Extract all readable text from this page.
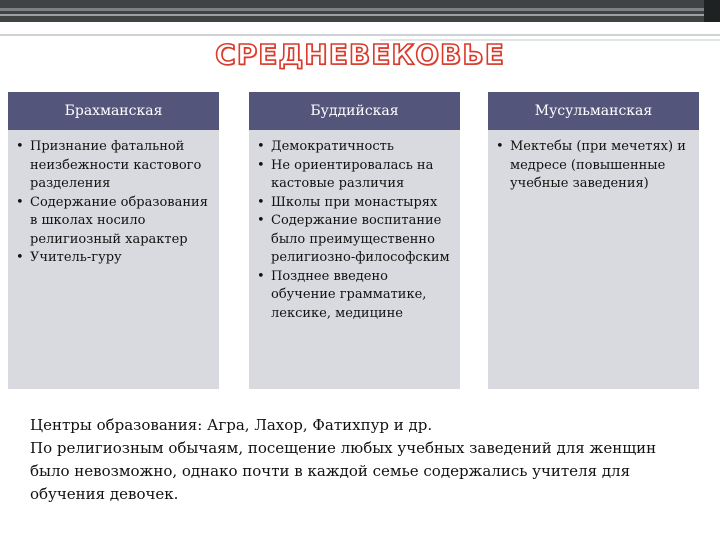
СРЕДНЕВЕКОВЬЕ
Брахманская
• Признание фатальной неизбежности кастового разделения
• Содержание образования в школах носило религиозный характер
• Учитель-гуру
Буддийская
• Демократичность
• Не ориентировалась на кастовые различия
• Школы при монастырях
• Содержание воспитание было преимущественно религиозно-философским
• Позднее введено обучение грамматике, лексике, медицине
Мусульманская
• Мектебы (при мечетях) и медресе (повышенные учебные заведения)

Центры образования: Агра, Лахор, Фатихпур и др.

По религиозным обычаям, посещение любых учебных заведений для женщин было невозможно, однако почти в каждой семье содержались учителя для обучения девочек.
